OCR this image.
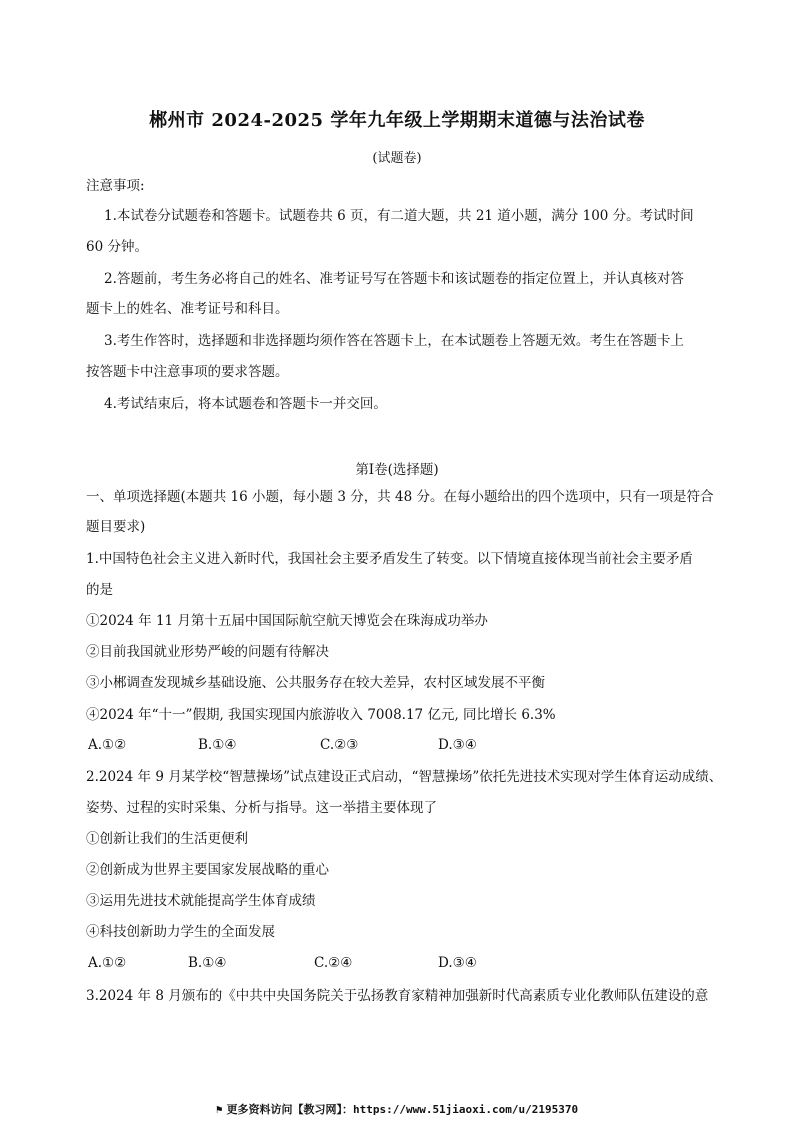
郴州市 2024-2025 学年九年级上学期期末道德与法治试卷
(试题卷)
注意事项:
1.本试卷分试题卷和答题卡。试题卷共 6 页，有二道大题，共 21 道小题，满分 100 分。考试时间
60 分钟。
2.答题前，考生务必将自己的姓名、准考证号写在答题卡和该试题卷的指定位置上，并认真核对答
题卡上的姓名、准考证号和科目。
3.考生作答时，选择题和非选择题均须作答在答题卡上，在本试题卷上答题无效。考生在答题卡上
按答题卡中注意事项的要求答题。
4.考试结束后，将本试题卷和答题卡一并交回。
第Ⅰ卷(选择题)
一、单项选择题(本题共 16 小题，每小题 3 分，共 48 分。在每小题给出的四个选项中，只有一项是符合
题目要求)
1.中国特色社会主义进入新时代，我国社会主要矛盾发生了转变。以下情境直接体现当前社会主要矛盾
的是
①2024 年 11 月第十五届中国国际航空航天博览会在珠海成功举办
②目前我国就业形势严峻的问题有待解决
③小郴调查发现城乡基础设施、公共服务存在较大差异，农村区域发展不平衡
④2024 年“十一”假期, 我国实现国内旅游收入 7008.17 亿元, 同比增长 6.3%
A.①②	B.①④	C.②③	D.③④
2.2024 年 9 月某学校“智慧操场”试点建设正式启动，“智慧操场”依托先进技术实现对学生体育运动成绩、
姿势、过程的实时采集、分析与指导。这一举措主要体现了
①创新让我们的生活更便利
②创新成为世界主要国家发展战略的重心
③运用先进技术就能提高学生体育成绩
④科技创新助力学生的全面发展
A.①②	B.①④	C.②④	D.③④
3.2024 年 8 月颁布的《中共中央国务院关于弘扬教育家精神加强新时代高素质专业化教师队伍建设的意
⚑ 更多资料访问【教习网】：https://www.51jiaoxi.com/u/2195370
